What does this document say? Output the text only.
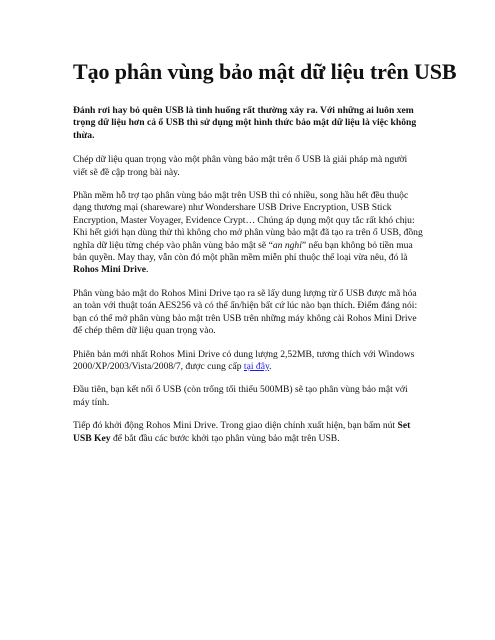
Tạo phân vùng bảo mật dữ liệu trên USB

Đánh rơi hay bỏ quên USB là tình huống rất thường xảy ra. Với những ai luôn xem trọng dữ liệu hơn cả ổ USB thì sử dụng một hình thức bảo mật dữ liệu là việc không thừa.

Chép dữ liệu quan trọng vào một phân vùng bảo mật trên ổ USB là giải pháp mà người viết sẽ đề cập trong bài này.

Phần mềm hỗ trợ tạo phân vùng bảo mật trên USB thì có nhiều, song hầu hết đều thuộc dạng thương mại (shareware) như Wondershare USB Drive Encryption, USB Stick Encryption, Master Voyager, Evidence Crypt… Chúng áp dụng một quy tắc rất khó chịu: Khi hết giới hạn dùng thử thì không cho mở phân vùng bảo mật đã tạo ra trên ổ USB, đồng nghĩa dữ liệu từng chép vào phân vùng bảo mật sẽ “an nghỉ” nếu bạn không bỏ tiền mua bản quyền. May thay, vẫn còn đó một phần mềm miễn phí thuộc thể loại vừa nêu, đó là Rohos Mini Drive.

Phân vùng bảo mật do Rohos Mini Drive tạo ra sẽ lấy dung lượng từ ổ USB được mã hóa an toàn với thuật toán AES256 và có thể ẩn/hiện bất cứ lúc nào bạn thích. Điểm đáng nói: bạn có thể mở phân vùng bảo mật trên USB trên những máy không cài Rohos Mini Drive để chép thêm dữ liệu quan trọng vào.

Phiên bản mới nhất Rohos Mini Drive có dung lượng 2,52MB, tương thích với Windows 2000/XP/2003/Vista/2008/7, được cung cấp tại đây.

Đầu tiên, bạn kết nối ổ USB (còn trống tối thiểu 500MB) sẽ tạo phân vùng bảo mật với máy tính.

Tiếp đó khởi động Rohos Mini Drive. Trong giao diện chính xuất hiện, bạn bấm nút Set USB Key để bắt đầu các bước khởi tạo phân vùng bảo mật trên USB.
